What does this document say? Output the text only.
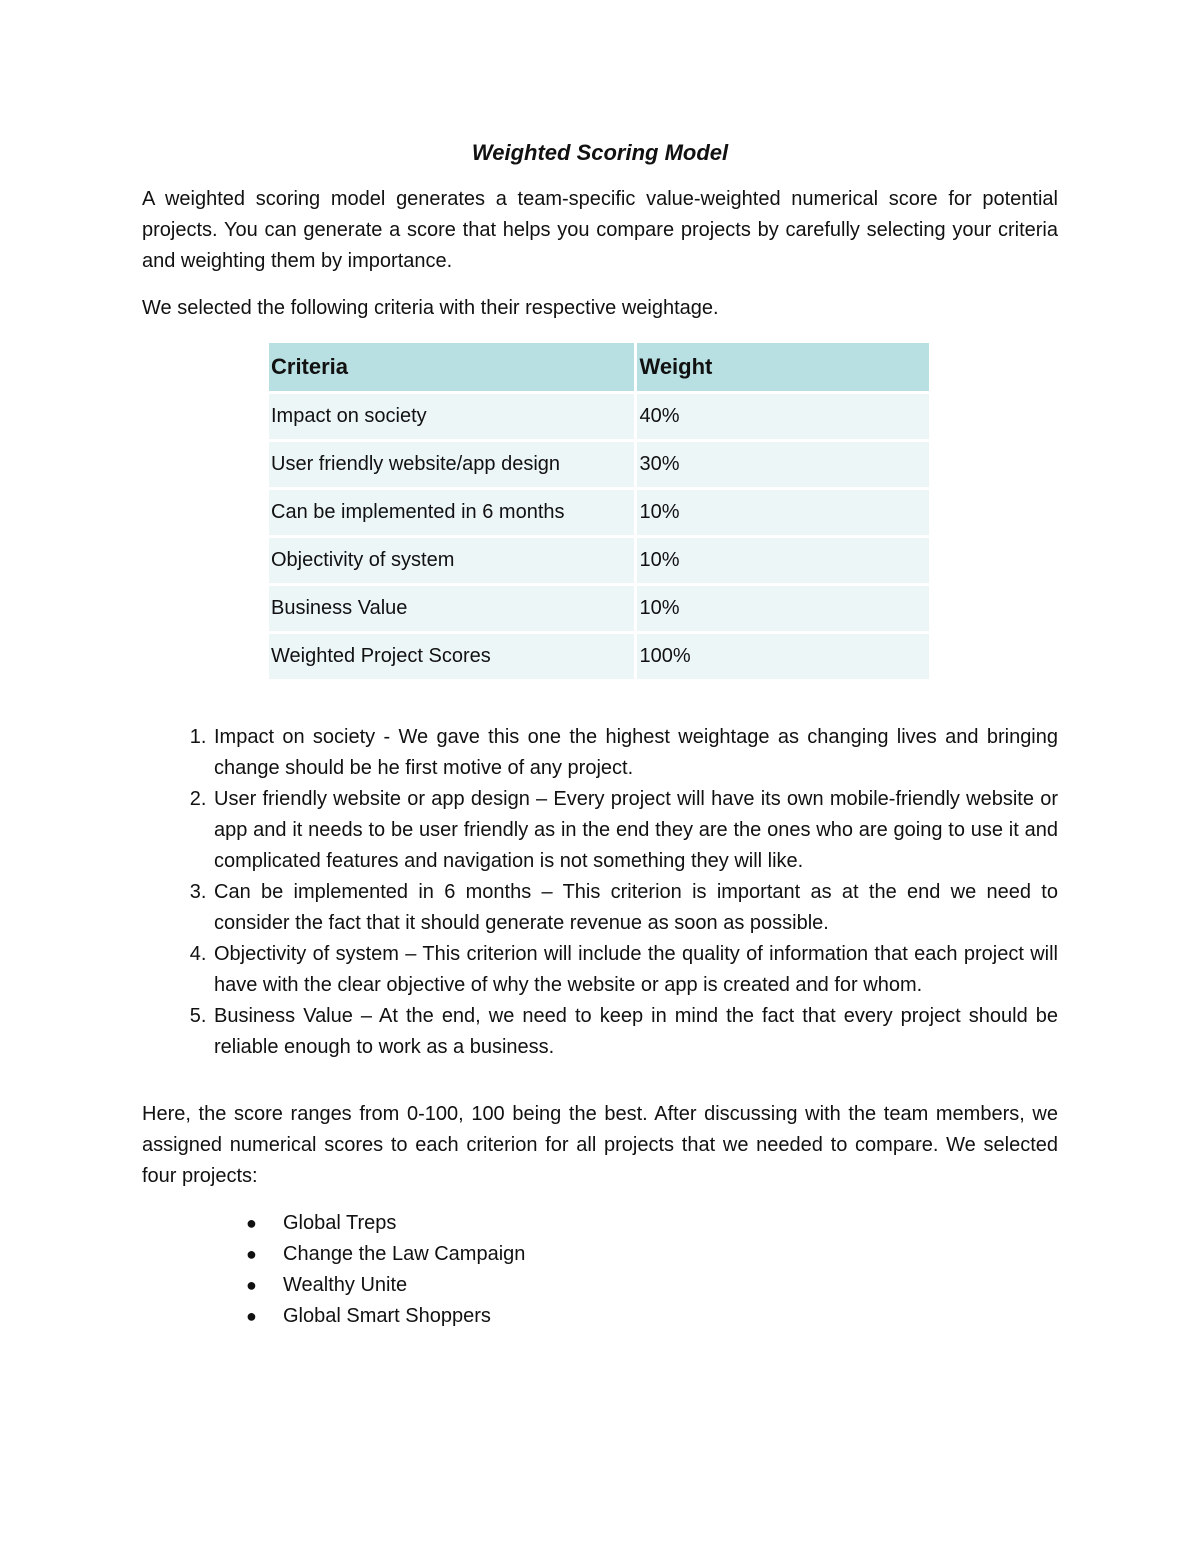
Weighted Scoring Model

A weighted scoring model generates a team-specific value-weighted numerical score for potential projects. You can generate a score that helps you compare projects by carefully selecting your criteria and weighting them by importance.

We selected the following criteria with their respective weightage.

Criteria	Weight
Impact on society	40%
User friendly website/app design	30%
Can be implemented in 6 months	10%
Objectivity of system	10%
Business Value	10%
Weighted Project Scores	100%
1. Impact on society - We gave this one the highest weightage as changing lives and bringing change should be he first motive of any project.
2. User friendly website or app design – Every project will have its own mobile-friendly website or app and it needs to be user friendly as in the end they are the ones who are going to use it and complicated features and navigation is not something they will like.
3. Can be implemented in 6 months – This criterion is important as at the end we need to consider the fact that it should generate revenue as soon as possible.
4. Objectivity of system – This criterion will include the quality of information that each project will have with the clear objective of why the website or app is created and for whom.
5. Business Value – At the end, we need to keep in mind the fact that every project should be reliable enough to work as a business.

Here, the score ranges from 0-100, 100 being the best. After discussing with the team members, we assigned numerical scores to each criterion for all projects that we needed to compare. We selected four projects:

● Global Treps
● Change the Law Campaign
● Wealthy Unite
● Global Smart Shoppers
